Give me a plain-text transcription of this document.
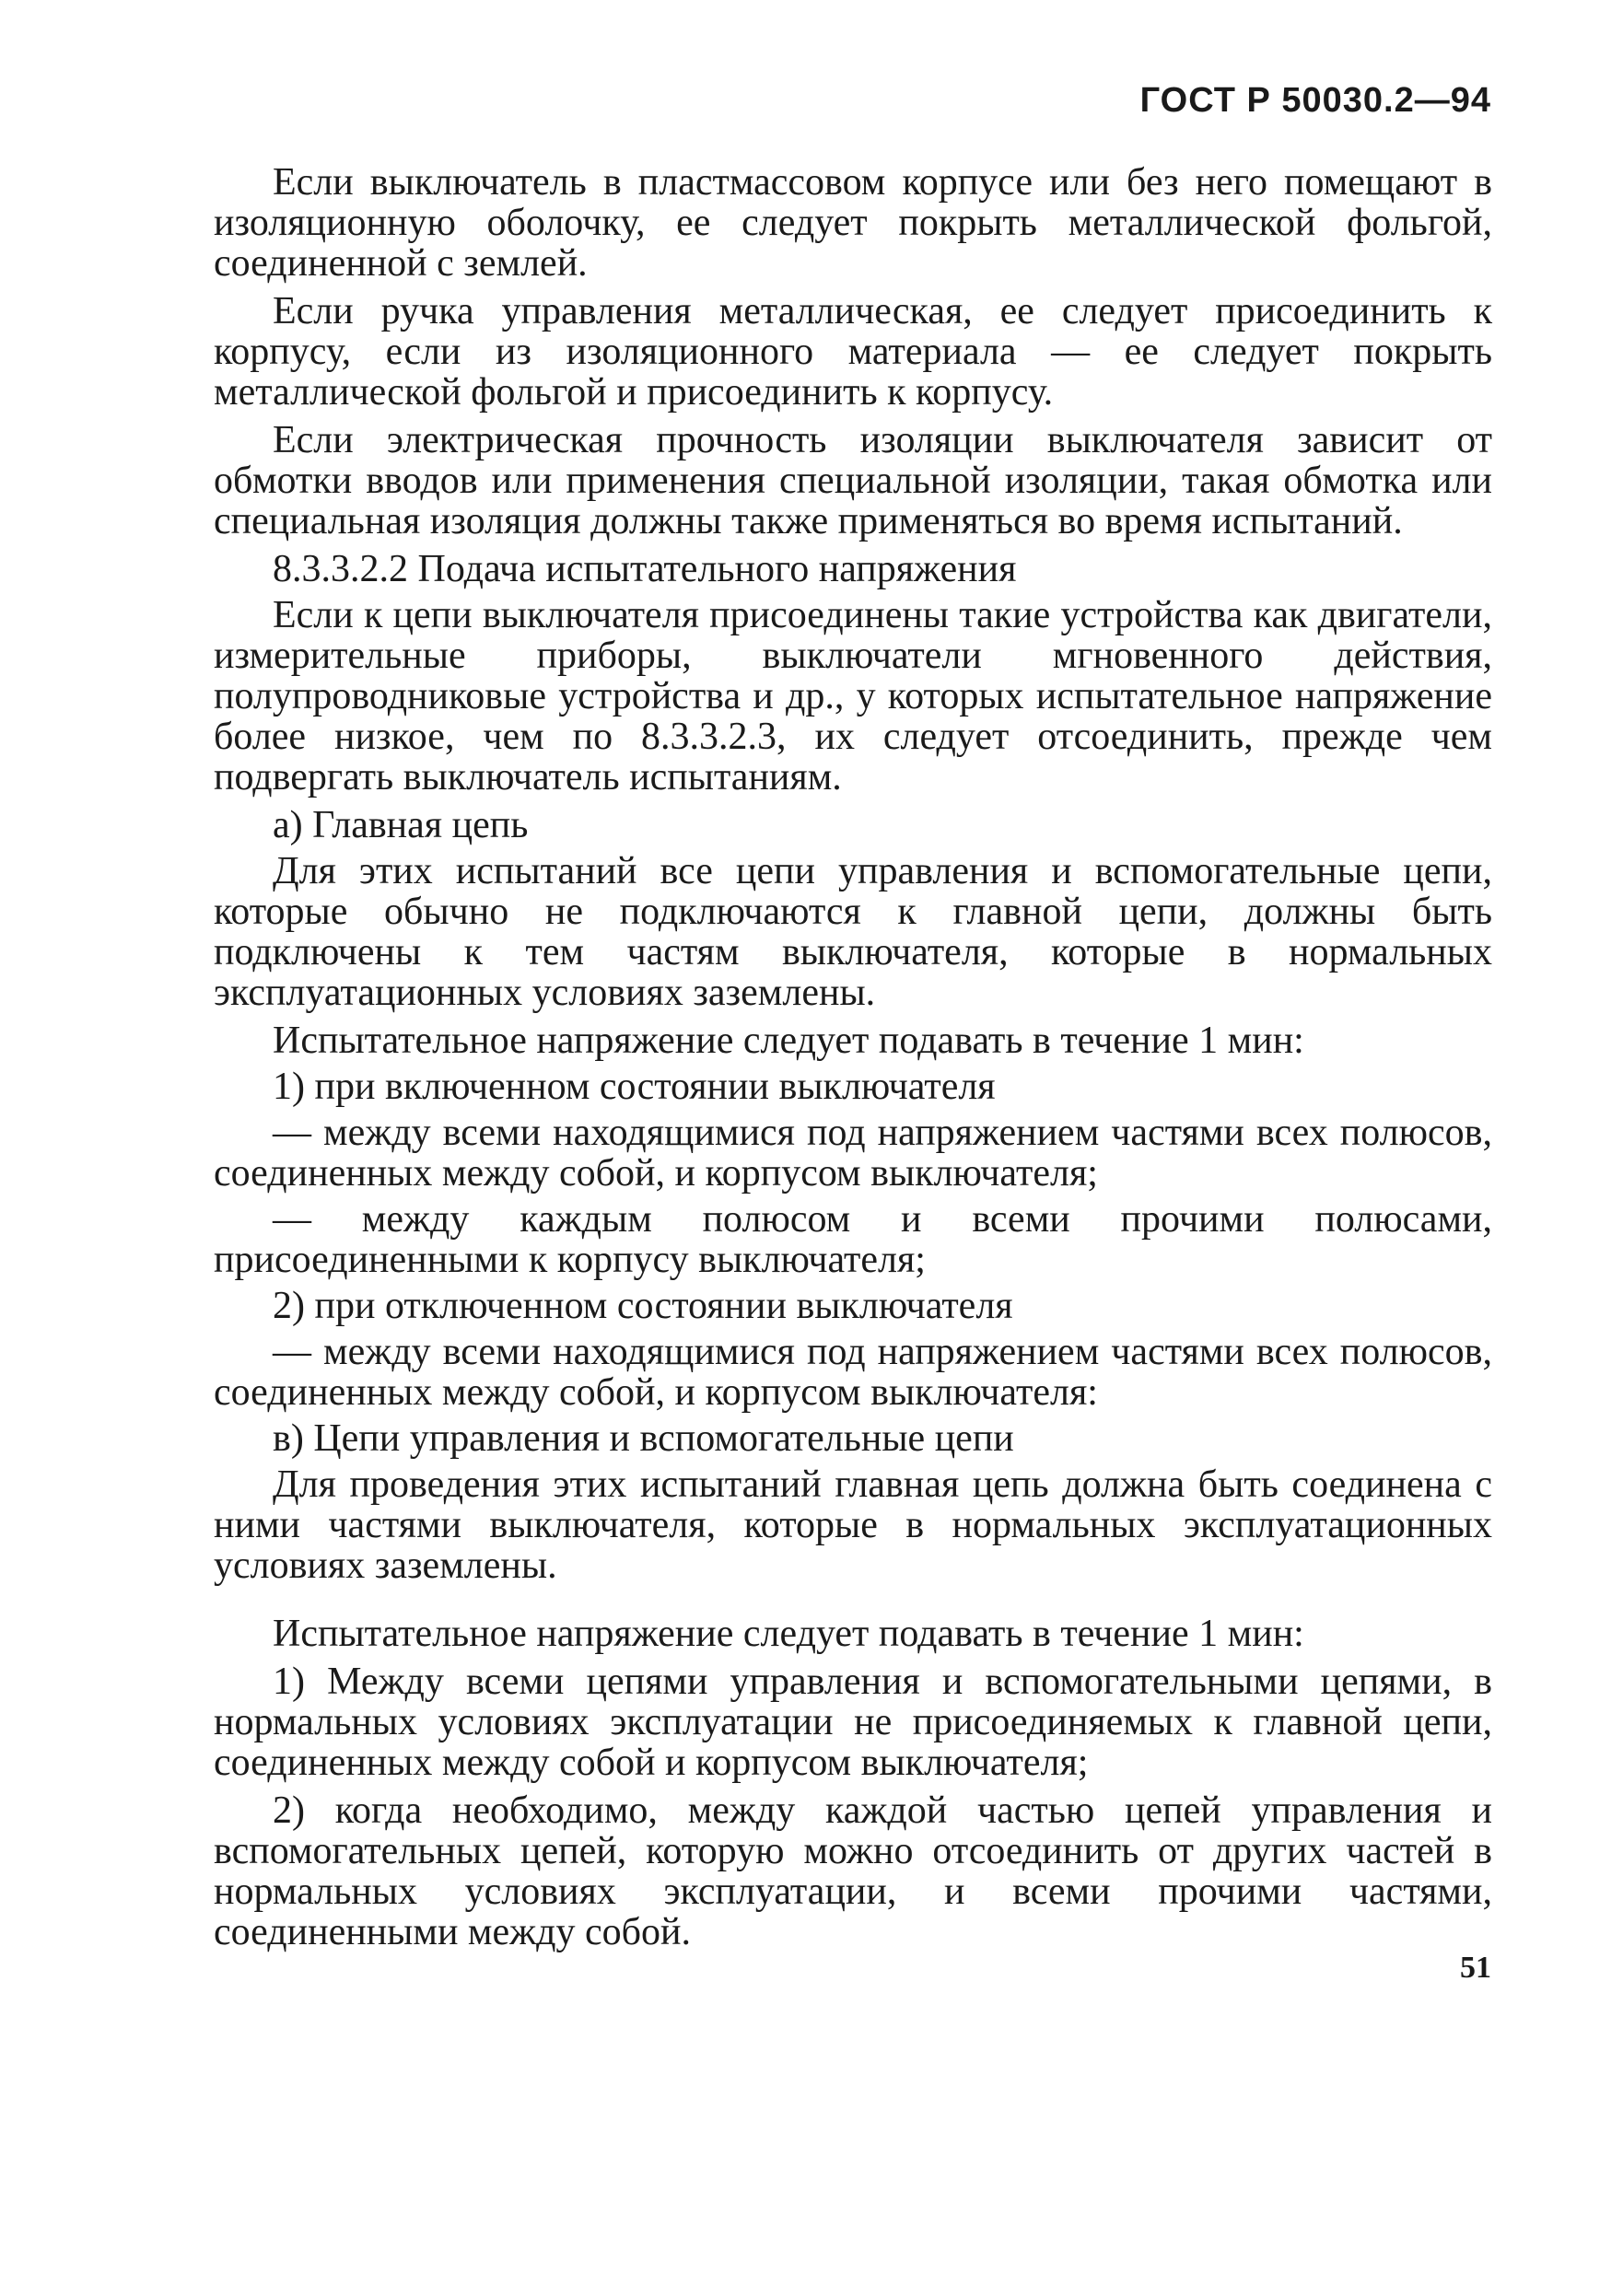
ГОСТ Р 50030.2—94

Если выключатель в пластмассовом корпусе или без него помещают в изоляционную оболочку, ее следует покрыть металлической фольгой, соединенной с землей.

Если ручка управления металлическая, ее следует присоединить к корпусу, если из изоляционного материала — ее следует покрыть металлической фольгой и присоединить к корпусу.

Если электрическая прочность изоляции выключателя зависит от обмотки вводов или применения специальной изоляции, такая обмотка или специальная изоляция должны также применяться во время испытаний.

8.3.3.2.2 Подача испытательного напряжения

Если к цепи выключателя присоединены такие устройства как двигатели, измерительные приборы, выключатели мгновенного действия, полупроводниковые устройства и др., у которых испытательное напряжение более низкое, чем по 8.3.3.2.3, их следует отсоединить, прежде чем подвергать выключатель испытаниям.

а) Главная цепь

Для этих испытаний все цепи управления и вспомогательные цепи, которые обычно не подключаются к главной цепи, должны быть подключены к тем частям выключателя, которые в нормальных эксплуатационных условиях заземлены.

Испытательное напряжение следует подавать в течение 1 мин:

1) при включенном состоянии выключателя

— между всеми находящимися под напряжением частями всех полюсов, соединенных между собой, и корпусом выключателя;

— между каждым полюсом и всеми прочими полюсами, присоединенными к корпусу выключателя;

2) при отключенном состоянии выключателя

— между всеми находящимися под напряжением частями всех полюсов, соединенных между собой, и корпусом выключателя:

в) Цепи управления и вспомогательные цепи

Для проведения этих испытаний главная цепь должна быть соединена с ними частями выключателя, которые в нормальных эксплуатационных условиях заземлены.

Испытательное напряжение следует подавать в течение 1 мин:

1) Между всеми цепями управления и вспомогательными цепями, в нормальных условиях эксплуатации не присоединяемых к главной цепи, соединенных между собой и корпусом выключателя;

2) когда необходимо, между каждой частью цепей управления и вспомогательных цепей, которую можно отсоединить от других частей в нормальных условиях эксплуатации, и всеми прочими частями, соединенными между собой.

51
